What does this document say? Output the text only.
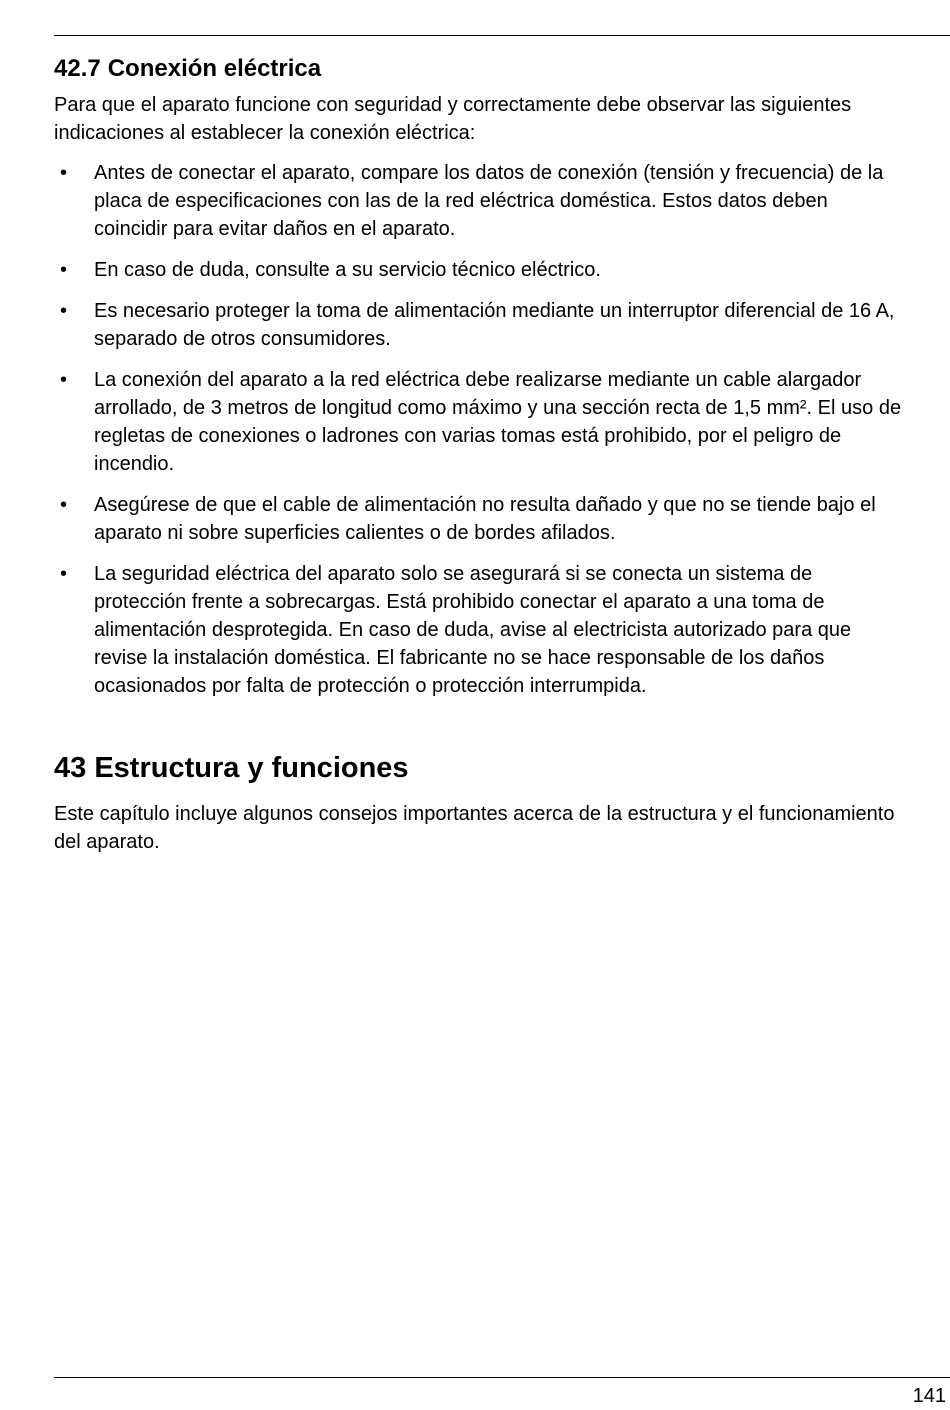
42.7 Conexión eléctrica

Para que el aparato funcione con seguridad y correctamente debe observar las siguientes indicaciones al establecer la conexión eléctrica:

• Antes de conectar el aparato, compare los datos de conexión (tensión y frecuencia) de la placa de especificaciones con las de la red eléctrica doméstica. Estos datos deben coincidir para evitar daños en el aparato.
• En caso de duda, consulte a su servicio técnico eléctrico.
• Es necesario proteger la toma de alimentación mediante un interruptor diferencial de 16 A, separado de otros consumidores.
• La conexión del aparato a la red eléctrica debe realizarse mediante un cable alargador arrollado, de 3 metros de longitud como máximo y una sección recta de 1,5 mm². El uso de regletas de conexiones o ladrones con varias tomas está prohibido, por el peligro de incendio.
• Asegúrese de que el cable de alimentación no resulta dañado y que no se tiende bajo el aparato ni sobre superficies calientes o de bordes afilados.
• La seguridad eléctrica del aparato solo se asegurará si se conecta un sistema de protección frente a sobrecargas. Está prohibido conectar el aparato a una toma de alimentación desprotegida. En caso de duda, avise al electricista autorizado para que revise la instalación doméstica. El fabricante no se hace responsable de los daños ocasionados por falta de protección o protección interrumpida.
43 Estructura y funciones

Este capítulo incluye algunos consejos importantes acerca de la estructura y el funcionamiento del aparato.

141
